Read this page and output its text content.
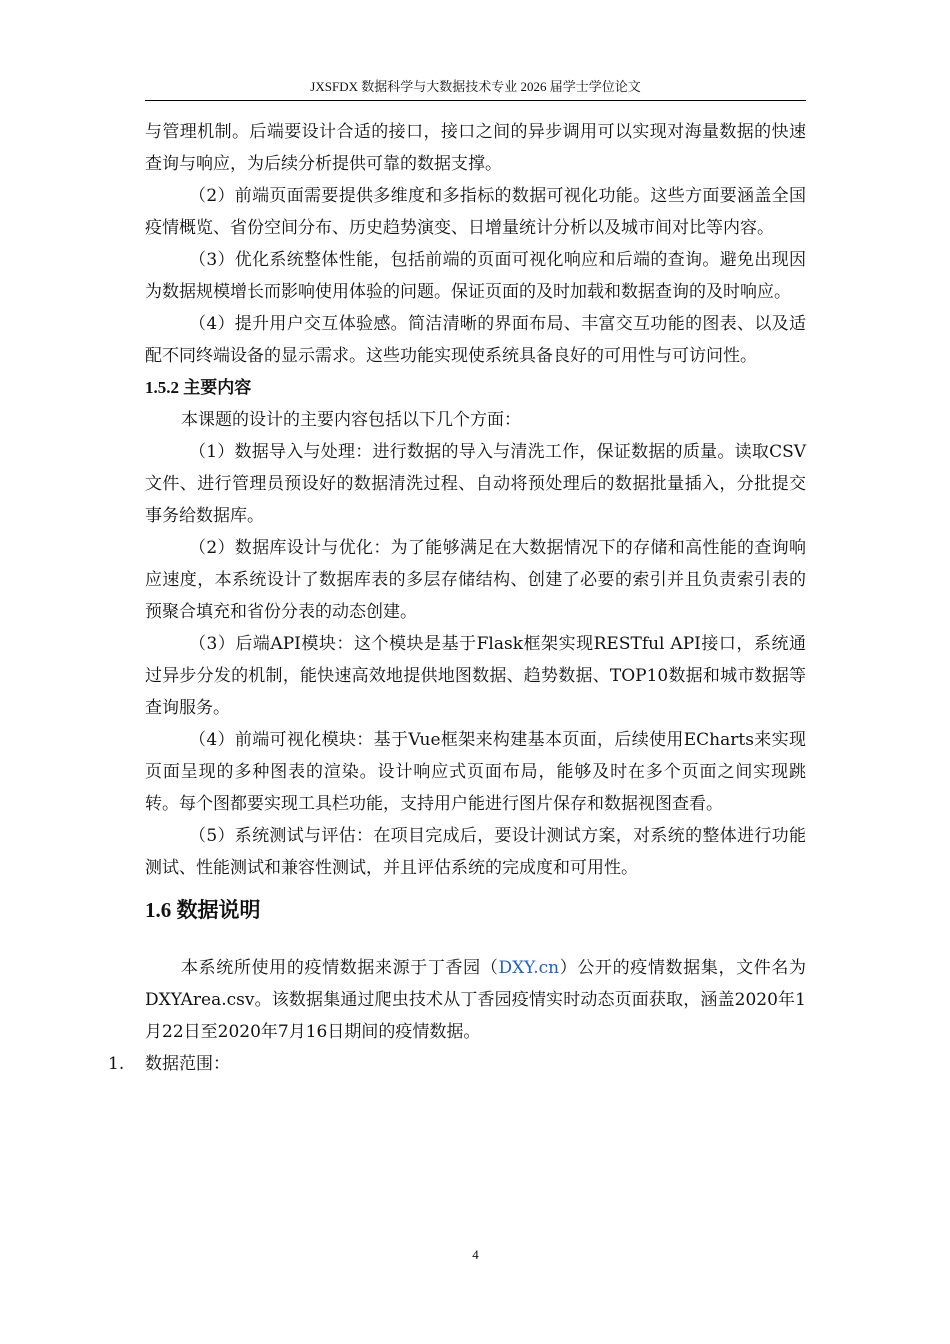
JXSFDX 数据科学与大数据技术专业 2026 届学士学位论文

与管理机制。后端要设计合适的接口，接口之间的异步调用可以实现对海量数据的快速查询与响应，为后续分析提供可靠的数据支撑。

（2）前端页面需要提供多维度和多指标的数据可视化功能。这些方面要涵盖全国疫情概览、省份空间分布、历史趋势演变、日增量统计分析以及城市间对比等内容。

（3）优化系统整体性能，包括前端的页面可视化响应和后端的查询。避免出现因为数据规模增长而影响使用体验的问题。保证页面的及时加载和数据查询的及时响应。

（4）提升用户交互体验感。简洁清晰的界面布局、丰富交互功能的图表、以及适配不同终端设备的显示需求。这些功能实现使系统具备良好的可用性与可访问性。

1.5.2 主要内容

本课题的设计的主要内容包括以下几个方面：

（1）数据导入与处理：进行数据的导入与清洗工作，保证数据的质量。读取CSV文件、进行管理员预设好的数据清洗过程、自动将预处理后的数据批量插入，分批提交事务给数据库。

（2）数据库设计与优化：为了能够满足在大数据情况下的存储和高性能的查询响应速度，本系统设计了数据库表的多层存储结构、创建了必要的索引并且负责索引表的预聚合填充和省份分表的动态创建。

（3）后端API模块：这个模块是基于Flask框架实现RESTful API接口，系统通过异步分发的机制，能快速高效地提供地图数据、趋势数据、TOP10数据和城市数据等查询服务。

（4）前端可视化模块：基于Vue框架来构建基本页面，后续使用ECharts来实现页面呈现的多种图表的渲染。设计响应式页面布局，能够及时在多个页面之间实现跳转。每个图都要实现工具栏功能，支持用户能进行图片保存和数据视图查看。

（5）系统测试与评估：在项目完成后，要设计测试方案，对系统的整体进行功能测试、性能测试和兼容性测试，并且评估系统的完成度和可用性。

1.6 数据说明

本系统所使用的疫情数据来源于丁香园（DXY.cn）公开的疫情数据集，文件名为DXYArea.csv。该数据集通过爬虫技术从丁香园疫情实时动态页面获取，涵盖2020年1月22日至2020年7月16日期间的疫情数据。

1. 数据范围：

4
